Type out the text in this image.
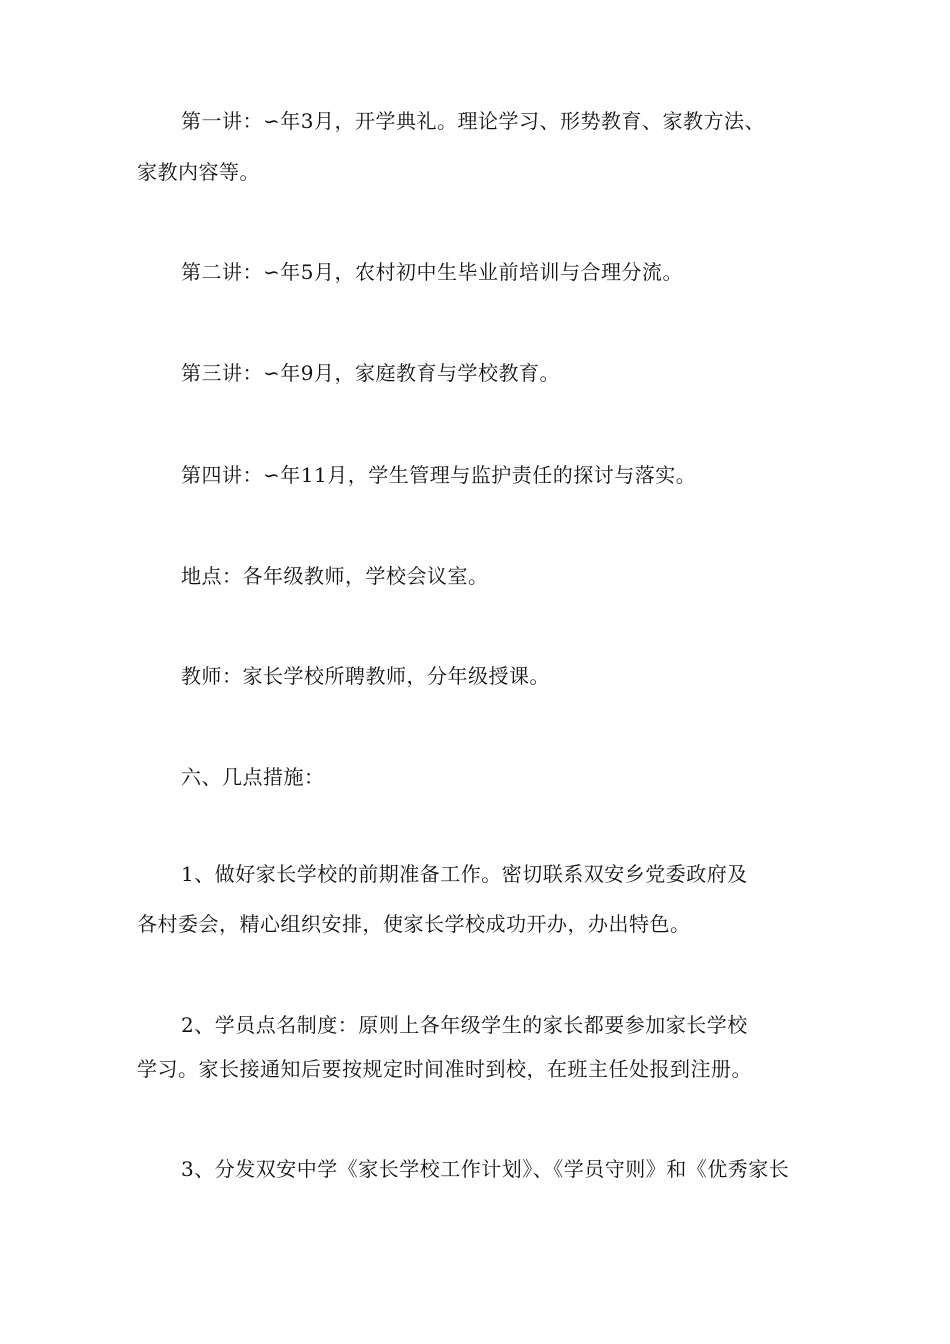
第一讲：∽年3月，开学典礼。理论学习、形势教育、家教方法、
家教内容等。
第二讲：∽年5月，农村初中生毕业前培训与合理分流。
第三讲：∽年9月，家庭教育与学校教育。
第四讲：∽年11月，学生管理与监护责任的探讨与落实。
地点：各年级教师，学校会议室。
教师：家长学校所聘教师，分年级授课。
六、几点措施：
1、做好家长学校的前期准备工作。密切联系双安乡党委政府及
各村委会，精心组织安排，使家长学校成功开办，办出特色。
2、学员点名制度：原则上各年级学生的家长都要参加家长学校
学习。家长接通知后要按规定时间准时到校，在班主任处报到注册。
3、分发双安中学《家长学校工作计划》、《学员守则》和《优秀家长
